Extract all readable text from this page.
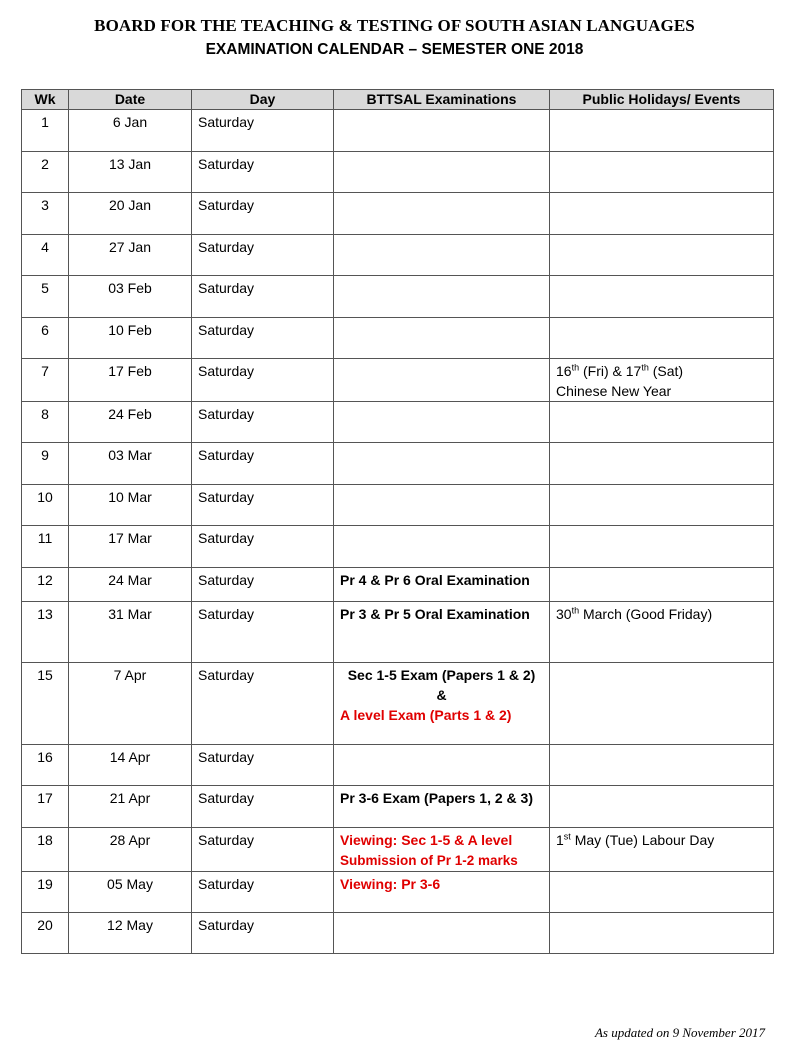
BOARD FOR THE TEACHING & TESTING OF SOUTH ASIAN LANGUAGES
EXAMINATION CALENDAR – SEMESTER ONE 2018
Wk	Date	Day	BTTSAL Examinations	Public Holidays/ Events
1	6 Jan	Saturday		
2	13 Jan	Saturday		
3	20 Jan	Saturday		
4	27 Jan	Saturday		
5	03 Feb	Saturday		
6	10 Feb	Saturday		
7	17 Feb	Saturday		16th (Fri) & 17th (Sat)
Chinese New Year
8	24 Feb	Saturday		
9	03 Mar	Saturday		
10	10 Mar	Saturday		
11	17 Mar	Saturday		
12	24 Mar	Saturday	Pr 4 & Pr 6 Oral Examination	
13	31 Mar	Saturday	Pr 3 & Pr 5 Oral Examination	30th March (Good Friday)
15	7 Apr	Saturday	Sec 1-5 Exam (Papers 1 & 2)
&
A level Exam (Parts 1 & 2)	
16	14 Apr	Saturday		
17	21 Apr	Saturday	Pr 3-6 Exam (Papers 1, 2 & 3)	
18	28 Apr	Saturday	Viewing: Sec 1-5 & A level
Submission of Pr 1-2 marks	1st May (Tue) Labour Day
19	05 May	Saturday	Viewing: Pr 3-6	
20	12 May	Saturday		
As updated on 9 November 2017
